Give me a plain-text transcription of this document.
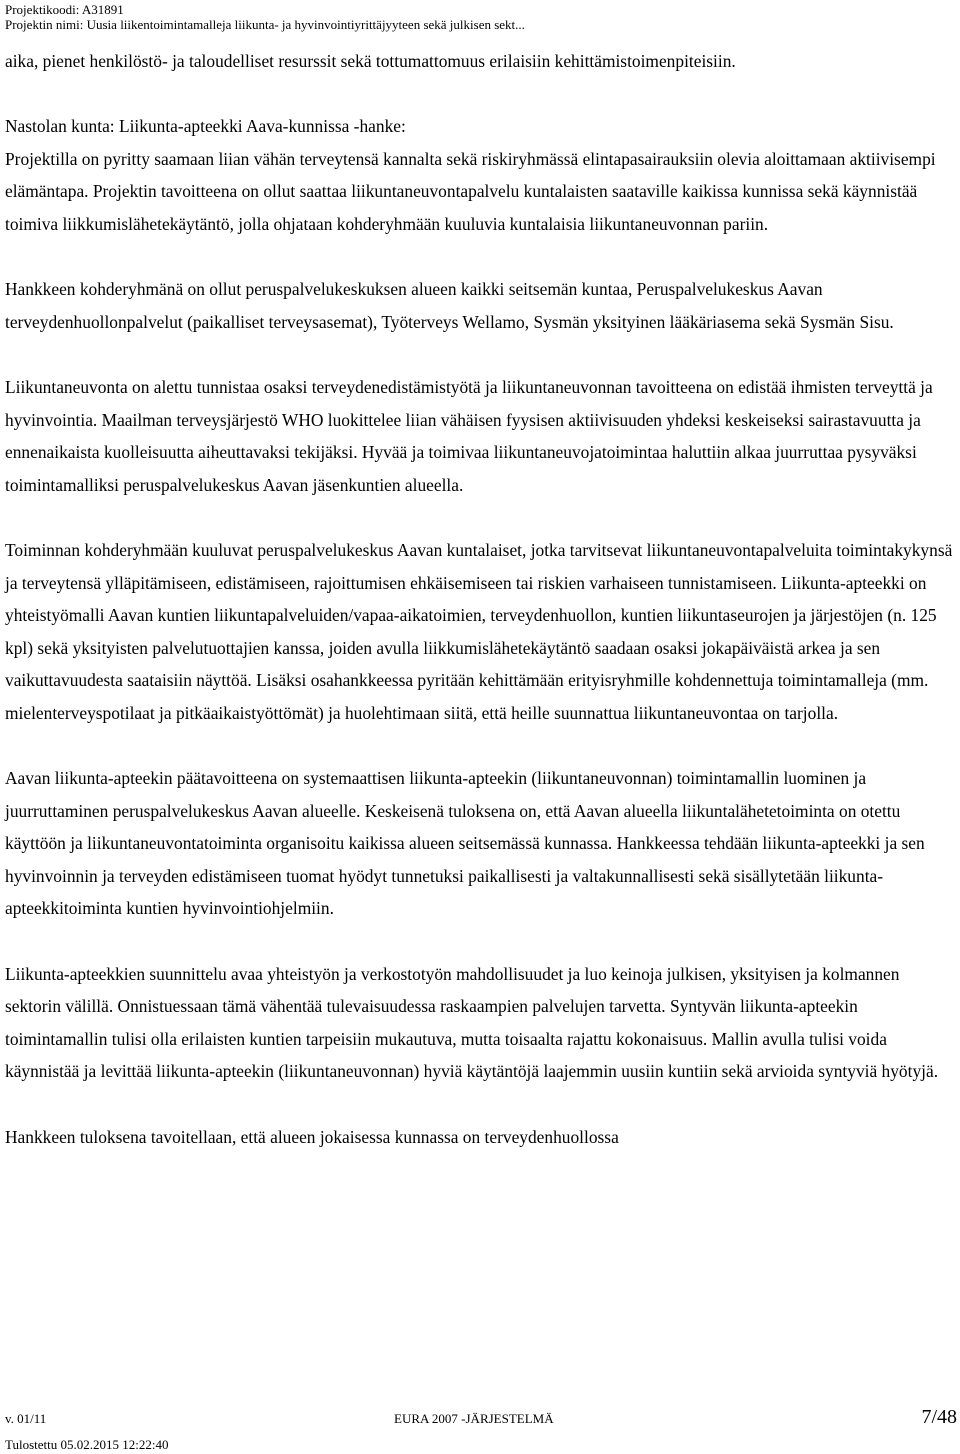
Projektikoodi: A31891
Projektin nimi: Uusia liikentoimintamalleja liikunta- ja hyvinvointiyrittäjyyteen sekä julkisen sekt...

aika, pienet henkilöstö- ja taloudelliset resurssit sekä tottumattomuus erilaisiin kehittämistoimenpiteisiin.

Nastolan kunta: Liikunta-apteekki Aava-kunnissa -hanke:

Projektilla on pyritty saamaan liian vähän terveytensä kannalta sekä riskiryhmässä elintapasairauksiin olevia aloittamaan aktiivisempi elämäntapa. Projektin tavoitteena on ollut saattaa liikuntaneuvontapalvelu kuntalaisten saataville kaikissa kunnissa sekä käynnistää toimiva liikkumislähetekäytäntö, jolla ohjataan kohderyhmään kuuluvia kuntalaisia liikuntaneuvonnan pariin.

Hankkeen kohderyhmänä on ollut peruspalvelukeskuksen alueen kaikki seitsemän kuntaa, Peruspalvelukeskus Aavan terveydenhuollonpalvelut (paikalliset terveysasemat), Työterveys Wellamo, Sysmän yksityinen lääkäriasema sekä Sysmän Sisu.

Liikuntaneuvonta on alettu tunnistaa osaksi terveydenedistämistyötä ja liikuntaneuvonnan tavoitteena on edistää ihmisten terveyttä ja hyvinvointia. Maailman terveysjärjestö WHO luokittelee liian vähäisen fyysisen aktiivisuuden yhdeksi keskeiseksi sairastavuutta ja ennenaikaista kuolleisuutta aiheuttavaksi tekijäksi. Hyvää ja toimivaa liikuntaneuvojatoimintaa haluttiin alkaa juurruttaa pysyväksi toimintamalliksi peruspalvelukeskus Aavan jäsenkuntien alueella.

Toiminnan kohderyhmään kuuluvat peruspalvelukeskus Aavan kuntalaiset, jotka tarvitsevat liikuntaneuvontapalveluita toimintakykynsä ja terveytensä ylläpitämiseen, edistämiseen, rajoittumisen ehkäisemiseen tai riskien varhaiseen tunnistamiseen. Liikunta-apteekki on yhteistyömalli Aavan kuntien liikuntapalveluiden/vapaa-aikatoimien, terveydenhuollon, kuntien liikuntaseurojen ja järjestöjen (n. 125 kpl) sekä yksityisten palvelutuottajien kanssa, joiden avulla liikkumislähetekäytäntö saadaan osaksi jokapäiväistä arkea ja sen vaikuttavuudesta saataisiin näyttöä. Lisäksi osahankkeessa pyritään kehittämään erityisryhmille kohdennettuja toimintamalleja (mm. mielenterveyspotilaat ja pitkäaikaistyöttömät) ja huolehtimaan siitä, että heille suunnattua liikuntaneuvontaa on tarjolla.

Aavan liikunta-apteekin päätavoitteena on systemaattisen liikunta-apteekin (liikuntaneuvonnan) toimintamallin luominen ja juurruttaminen peruspalvelukeskus Aavan alueelle. Keskeisenä tuloksena on, että Aavan alueella liikuntalähetetoiminta on otettu käyttöön ja liikuntaneuvontatoiminta organisoitu kaikissa alueen seitsemässä kunnassa. Hankkeessa tehdään liikunta-apteekki ja sen hyvinvoinnin ja terveyden edistämiseen tuomat hyödyt tunnetuksi paikallisesti ja valtakunnallisesti sekä sisällytetään liikunta-apteekkitoiminta kuntien hyvinvointiohjelmiin.

Liikunta-apteekkien suunnittelu avaa yhteistyön ja verkostotyön mahdollisuudet ja luo keinoja julkisen, yksityisen ja kolmannen sektorin välillä. Onnistuessaan tämä vähentää tulevaisuudessa raskaampien palvelujen tarvetta. Syntyvän liikunta-apteekin toimintamallin tulisi olla erilaisten kuntien tarpeisiin mukautuva, mutta toisaalta rajattu kokonaisuus. Mallin avulla tulisi voida käynnistää ja levittää liikunta-apteekin (liikuntaneuvonnan) hyviä käytäntöjä laajemmin uusiin kuntiin sekä arvioida syntyviä hyötyjä.

Hankkeen tuloksena tavoitellaan, että alueen jokaisessa kunnassa on terveydenhuollossa

v. 01/11	EURA 2007 -JÄRJESTELMÄ	7/48
Tulostettu 05.02.2015 12:22:40
